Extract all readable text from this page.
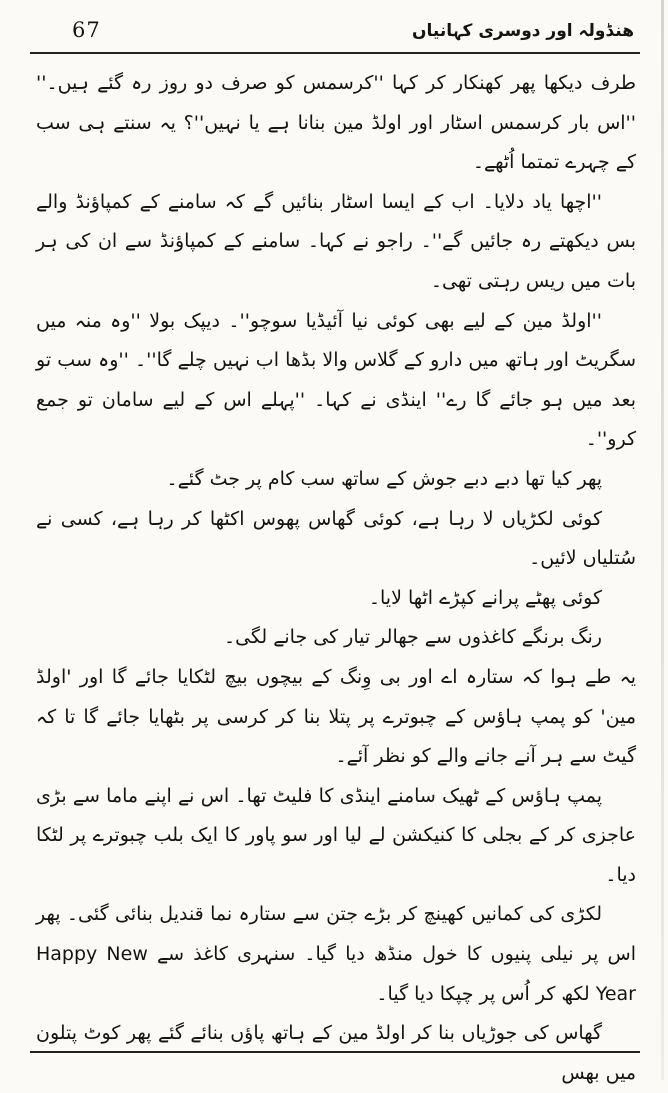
67	هنڈولہ اور دوسری کہانیاں

طرف دیکھا پھر کھنکار کر کہا ''کرسمس کو صرف دو روز رہ گئے ہیں۔'' ''اس بار کرسمس اسٹار اور اولڈ مین بنانا ہے یا نہیں''؟ یہ سنتے ہی سب کے چہرے تمتما اُٹھے۔

''اچھا یاد دلایا۔ اب کے ایسا اسٹار بنائیں گے کہ سامنے کے کمپاؤنڈ والے بس دیکھتے رہ جائیں گے''۔ راجو نے کہا۔ سامنے کے کمپاؤنڈ سے ان کی ہر بات میں ریس رہتی تھی۔

''اولڈ مین کے لیے بھی کوئی نیا آئیڈیا سوچو''۔ دیپک بولا ''وہ منہ میں سگریٹ اور ہاتھ میں دارو کے گلاس والا بڈھا اب نہیں چلے گا''۔ ''وہ سب تو بعد میں ہو جائے گا رے'' اینڈی نے کہا۔ ''پہلے اس کے لیے سامان تو جمع کرو''۔

پھر کیا تھا دبے دبے جوش کے ساتھ سب کام پر جٹ گئے۔

کوئی لکڑیاں لا رہا ہے، کوئی گھاس پھوس اکٹھا کر رہا ہے، کسی نے سُتلیاں لائیں۔

کوئی پھٹے پرانے کپڑے اٹھا لایا۔

رنگ برنگے کاغذوں سے جھالر تیار کی جانے لگی۔

یہ طے ہوا کہ ستارہ اے اور بی وِنگ کے بیچوں بیچ لٹکایا جائے گا اور 'اولڈ مین' کو پمپ ہاؤس کے چبوترے پر پتلا بنا کر کرسی پر بٹھایا جائے گا تا کہ گیٹ سے ہر آنے جانے والے کو نظر آئے۔

پمپ ہاؤس کے ٹھیک سامنے اینڈی کا فلیٹ تھا۔ اس نے اپنے ماما سے بڑی عاجزی کر کے بجلی کا کنیکشن لے لیا اور سو پاور کا ایک بلب چبوترے پر لٹکا دیا۔

لکڑی کی کمانیں کھینچ کر بڑے جتن سے ستارہ نما قندیل بنائی گئی۔ پھر اس پر نیلی پنیوں کا خول منڈھ دیا گیا۔ سنہری کاغذ سے Happy New Year لکھ کر اُس پر چپکا دیا گیا۔

گھاس کی جوڑیاں بنا کر اولڈ مین کے ہاتھ پاؤں بنائے گئے پھر کوٹ پتلون میں بھس
